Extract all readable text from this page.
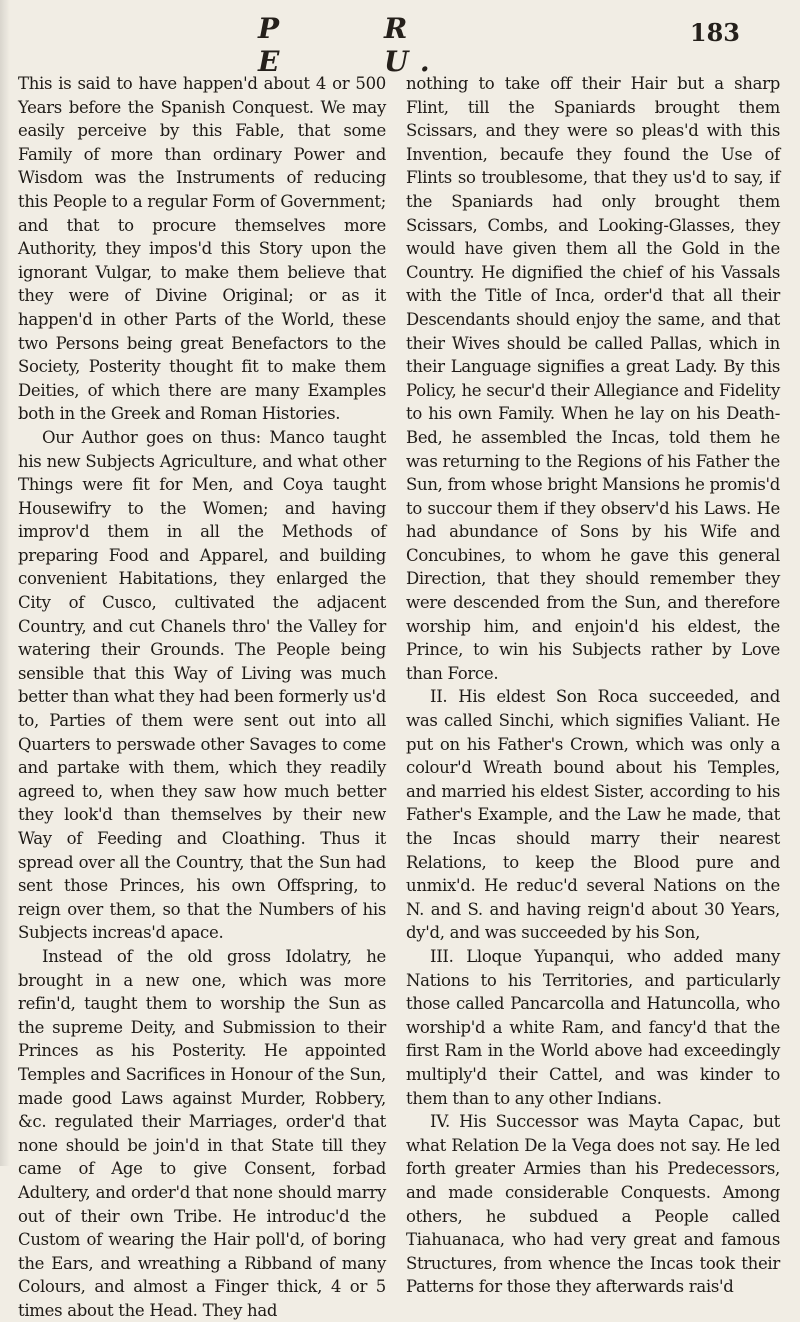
P E
R U.
183

This is said to have happen'd about 4 or 500 Years before the Spanish Conquest. We may easily perceive by this Fable, that some Family of more than ordinary Power and Wisdom was the Instruments of reducing this People to a regular Form of Government; and that to procure themselves more Authority, they impos'd this Story upon the ignorant Vulgar, to make them believe that they were of Divine Original; or as it happen'd in other Parts of the World, these two Persons being great Benefactors to the Society, Posterity thought fit to make them Deities, of which there are many Examples both in the Greek and Roman Histories.

Our Author goes on thus: Manco taught his new Subjects Agriculture, and what other Things were fit for Men, and Coya taught Housewifry to the Women; and having improv'd them in all the Methods of preparing Food and Apparel, and building convenient Habitations, they enlarged the City of Cusco, cultivated the adjacent Country, and cut Chanels thro' the Valley for watering their Grounds. The People being sensible that this Way of Living was much better than what they had been formerly us'd to, Parties of them were sent out into all Quarters to perswade other Savages to come and partake with them, which they readily agreed to, when they saw how much better they look'd than themselves by their new Way of Feeding and Cloathing. Thus it spread over all the Country, that the Sun had sent those Princes, his own Offspring, to reign over them, so that the Numbers of his Subjects increas'd apace.

Instead of the old gross Idolatry, he brought in a new one, which was more refin'd, taught them to worship the Sun as the supreme Deity, and Submission to their Princes as his Posterity. He appointed Temples and Sacrifices in Honour of the Sun, made good Laws against Murder, Robbery, &c. regulated their Marriages, order'd that none should be join'd in that State till they came of Age to give Consent, forbad Adultery, and order'd that none should marry out of their own Tribe. He introduc'd the Custom of wearing the Hair poll'd, of boring the Ears, and wreathing a Ribband of many Colours, and almost a Finger thick, 4 or 5 times about the Head. They had

nothing to take off their Hair but a sharp Flint, till the Spaniards brought them Scissars, and they were so pleas'd with this Invention, becaufe they found the Use of Flints so troublesome, that they us'd to say, if the Spaniards had only brought them Scissars, Combs, and Looking-Glasses, they would have given them all the Gold in the Country. He dignified the chief of his Vassals with the Title of Inca, order'd that all their Descendants should enjoy the same, and that their Wives should be called Pallas, which in their Language signifies a great Lady. By this Policy, he secur'd their Allegiance and Fidelity to his own Family. When he lay on his Death-Bed, he assembled the Incas, told them he was returning to the Regions of his Father the Sun, from whose bright Mansions he promis'd to succour them if they observ'd his Laws. He had abundance of Sons by his Wife and Concubines, to whom he gave this general Direction, that they should remember they were descended from the Sun, and therefore worship him, and enjoin'd his eldest, the Prince, to win his Subjects rather by Love than Force.

II. His eldest Son Roca succeeded, and was called Sinchi, which signifies Valiant. He put on his Father's Crown, which was only a colour'd Wreath bound about his Temples, and married his eldest Sister, according to his Father's Example, and the Law he made, that the Incas should marry their nearest Relations, to keep the Blood pure and unmix'd. He reduc'd several Nations on the N. and S. and having reign'd about 30 Years, dy'd, and was succeeded by his Son,

III. Lloque Yupanqui, who added many Nations to his Territories, and particularly those called Pancarcolla and Hatuncolla, who worship'd a white Ram, and fancy'd that the first Ram in the World above had exceedingly multiply'd their Cattel, and was kinder to them than to any other Indians.

IV. His Successor was Mayta Capac, but what Relation De la Vega does not say. He led forth greater Armies than his Predecessors, and made considerable Conquests. Among others, he subdued a People called Tiahuanaca, who had very great and famous Structures, from whence the Incas took their Patterns for those they afterwards rais'd
